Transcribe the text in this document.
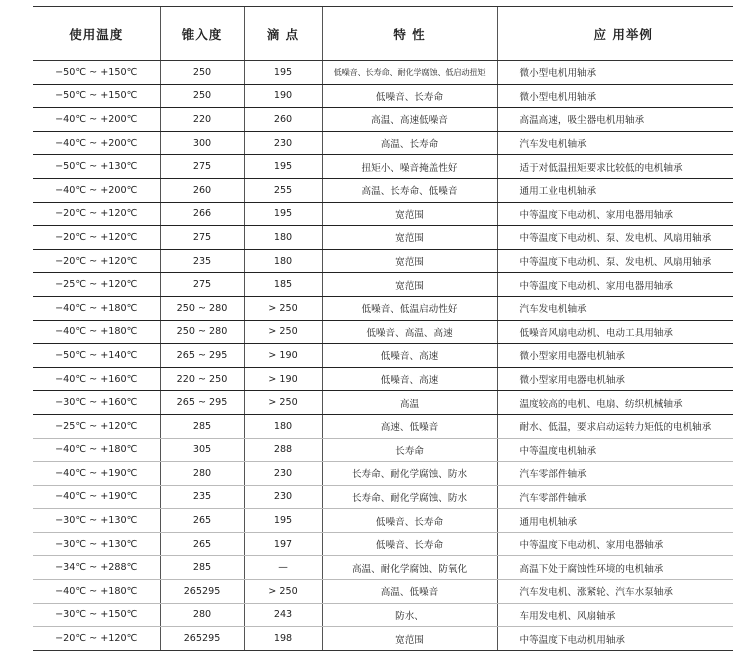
使用温度	锥入度	滴 点	特 性	应 用举例
−50℃ ~ +150℃	250	195	低噪音、长寿命、耐化学腐蚀、低启动扭矩	微小型电机用轴承
−50℃ ~ +150℃	250	190	低噪音、长寿命	微小型电机用轴承
−40℃ ~ +200℃	220	260	高温、高速低噪音	高温高速，吸尘器电机用轴承
−40℃ ~ +200℃	300	230	高温、长寿命	汽车发电机轴承
−50℃ ~ +130℃	275	195	扭矩小、噪音掩盖性好	适于对低温扭矩要求比较低的电机轴承
−40℃ ~ +200℃	260	255	高温、长寿命、低噪音	通用工业电机轴承
−20℃ ~ +120℃	266	195	宽范围	中等温度下电动机、家用电器用轴承
−20℃ ~ +120℃	275	180	宽范围	中等温度下电动机、泵、发电机、风扇用轴承
−20℃ ~ +120℃	235	180	宽范围	中等温度下电动机、泵、发电机、风扇用轴承
−25℃ ~ +120℃	275	185	宽范围	中等温度下电动机、家用电器用轴承
−40℃ ~ +180℃	250 ~ 280	> 250	低噪音、低温启动性好	汽车发电机轴承
−40℃ ~ +180℃	250 ~ 280	> 250	低噪音、高温、高速	低噪音风扇电动机、电动工具用轴承
−50℃ ~ +140℃	265 ~ 295	> 190	低噪音、高速	微小型家用电器电机轴承
−40℃ ~ +160℃	220 ~ 250	> 190	低噪音、高速	微小型家用电器电机轴承
−30℃ ~ +160℃	265 ~ 295	> 250	高温	温度较高的电机、电扇、纺织机械轴承
−25℃ ~ +120℃	285	180	高速、低噪音	耐水、低温，要求启动运转力矩低的电机轴承
−40℃ ~ +180℃	305	288	长寿命	中等温度电机轴承
−40℃ ~ +190℃	280	230	长寿命、耐化学腐蚀、防水	汽车零部件轴承
−40℃ ~ +190℃	235	230	长寿命、耐化学腐蚀、防水	汽车零部件轴承
−30℃ ~ +130℃	265	195	低噪音、长寿命	通用电机轴承
−30℃ ~ +130℃	265	197	低噪音、长寿命	中等温度下电动机、家用电器轴承
−34℃ ~ +288℃	285	—	高温、耐化学腐蚀、防氧化	高温下处于腐蚀性环境的电机轴承
−40℃ ~ +180℃	265295	> 250	高温、低噪音	汽车发电机、涨紧轮、汽车水泵轴承
−30℃ ~ +150℃	280	243	防水、	车用发电机、风扇轴承
−20℃ ~ +120℃	265295	198	宽范围	中等温度下电动机用轴承
